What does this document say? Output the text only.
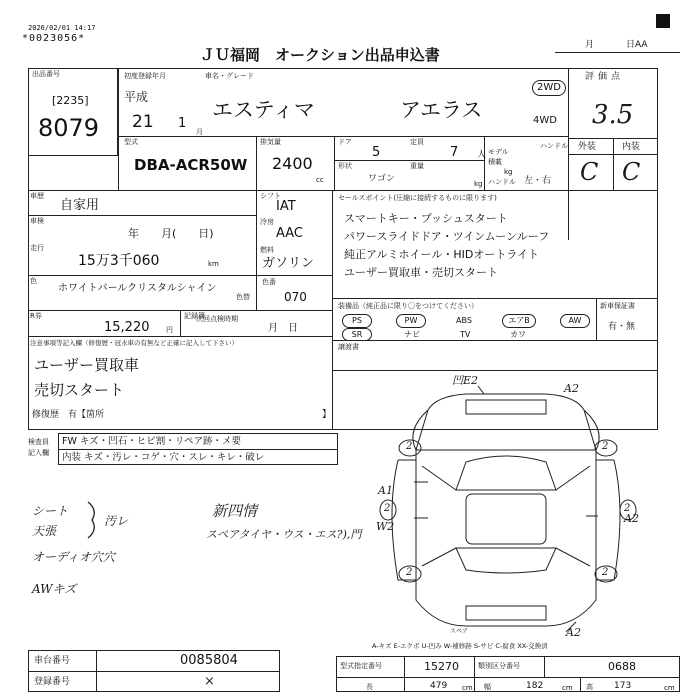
2026/02/01 14:17
*0023056*
ＪＵ福岡　オークション出品申込書
月	日AA
出品番号
[2235]
8079
初度登録年月	車名・グレード
平成
21 1
月
エスティマ	アエラス
2WD
4WD
評価点
3.5
外装	内装
C C
型式
DBA-ACR50W
排気量
2400
cc
ドア
5
定員
7 人
形状
ワゴン
重量
kg
モデル
積載
ハンドル
kg
ハンドル 左・右
車歴
自家用
車検
年　　月(　　日)
走行
15万3千060	km
色
ホワイトパールクリスタルシャイン
色番
色替	070
R券
15,220 円
記録簿
次回点検時期
月　日
シフト
IAT
冷房
AAC
燃料
ガソリン
セールスポイント(圧縮に接続するものに限ります)
スマートキー・プッシュスタート
パワースライドドア・ツインムーンルーフ
純正アルミホイール・HIDオートライト
ユーザー買取車・売切スタート
装備品（純正品に限り〇をつけてください）
PS	PW	ABS	エアB	AW
SR	ナビ	TV	カワ
新車保証書
有・無
譲渡書
注意事項等記入欄（修復歴・冠水車の有無など正確に記入して下さい）
ユーザー買取車
売切スタート
修復歴　有【箇所	】
検査員
記入欄
FW キズ・凹石・ヒビ割・リペア跡・メ要
内装 キズ・汚レ・コゲ・穴・スレ・キレ・破レ
シート
天張
汚レ
オーディオ穴穴
AWキズ
新四情
スペアタイヤ・ウス・エス?),門
凹E2
A2
A1
W2
A2
A2
2	2
2	2
2	2
スペア
A-キズ E-エクボ U-凹み W-補修跡 S-サビ C-腐食 XX-交換済
車台番号	0085804
登録番号	×
型式指定番号	15270	類別区分番号	0688
長	479 cm 幅	182	cm 高 173	cm
